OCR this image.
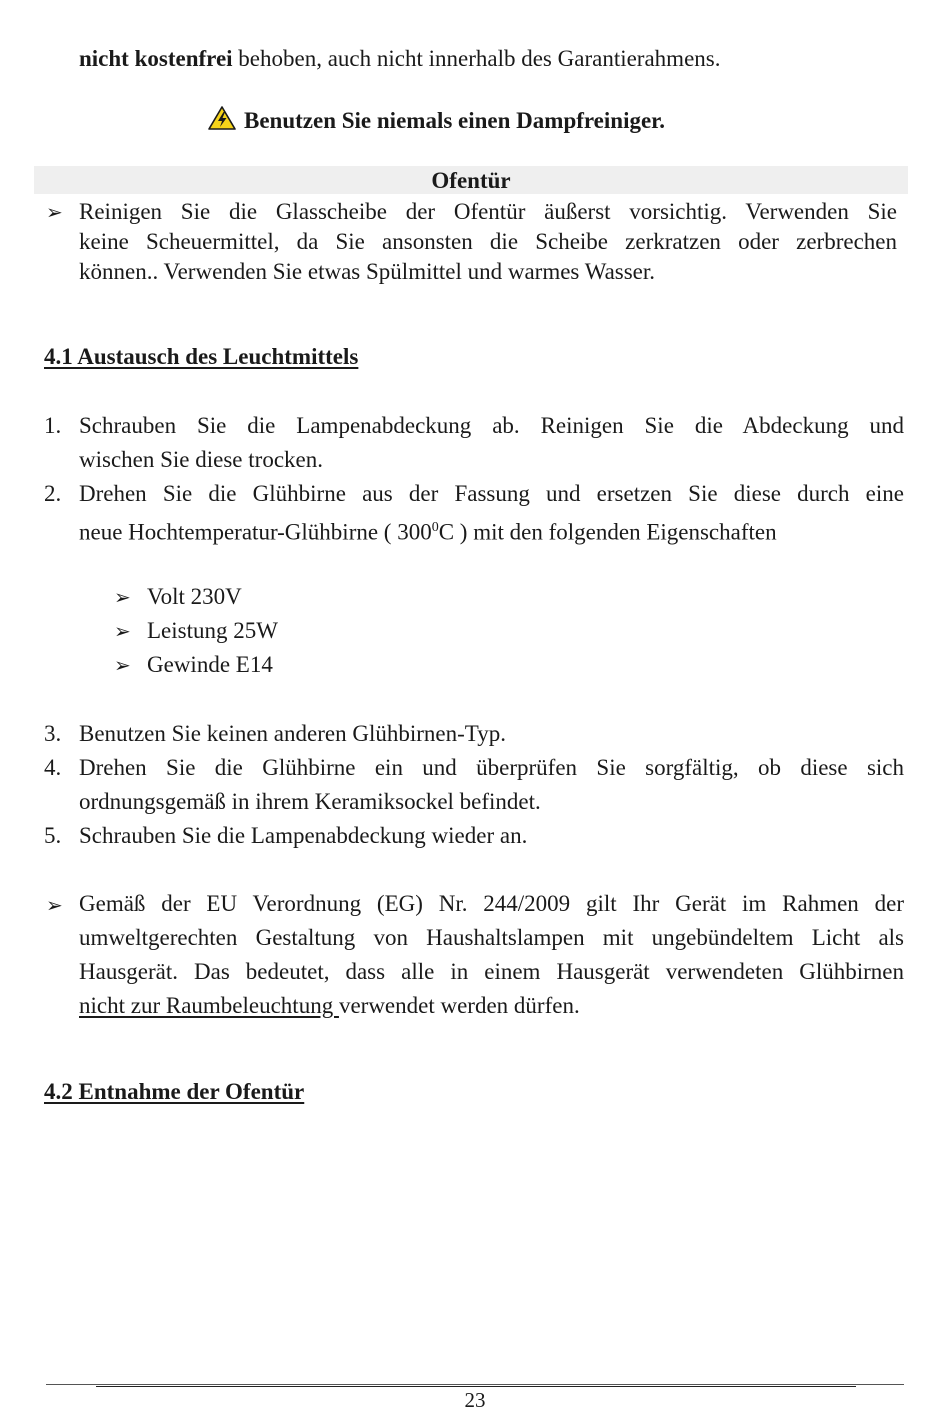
nicht kostenfrei behoben, auch nicht innerhalb des Garantierahmens.
Benutzen Sie niemals einen Dampfreiniger.
Ofentür
➢ Reinigen Sie die Glasscheibe der Ofentür äußerst vorsichtig. Verwenden Sie
keine Scheuermittel, da Sie ansonsten die Scheibe zerkratzen oder zerbrechen
können.. Verwenden Sie etwas Spülmittel und warmes Wasser.
4.1 Austausch des Leuchtmittels
1. Schrauben Sie die Lampenabdeckung ab. Reinigen Sie die Abdeckung und
wischen Sie diese trocken.
2. Drehen Sie die Glühbirne aus der Fassung und ersetzen Sie diese durch eine
neue Hochtemperatur-Glühbirne ( $300^0C$ ) mit den folgenden Eigenschaften
➢ Volt 230V
➢ Leistung 25W
➢ Gewinde E14
3. Benutzen Sie keinen anderen Glühbirnen-Typ.
4. Drehen Sie die Glühbirne ein und überprüfen Sie sorgfältig, ob diese sich
ordnungsgemäß in ihrem Keramiksockel befindet.
5. Schrauben Sie die Lampenabdeckung wieder an.
➢ Gemäß der EU Verordnung (EG) Nr. 244/2009 gilt Ihr Gerät im Rahmen der
umweltgerechten Gestaltung von Haushaltslampen mit ungebündeltem Licht als
Hausgerät. Das bedeutet, dass alle in einem Hausgerät verwendeten Glühbirnen
nicht zur Raumbeleuchtung verwendet werden dürfen.
4.2 Entnahme der Ofentür
23
